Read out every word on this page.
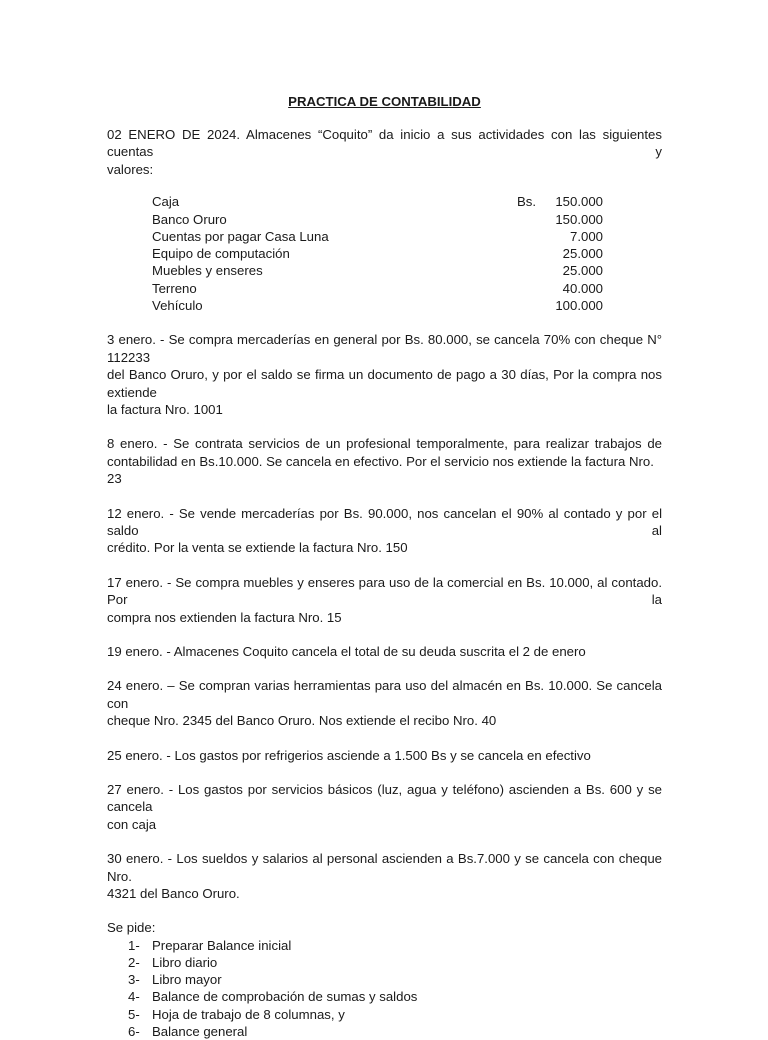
PRACTICA DE CONTABILIDAD

02 ENERO DE 2024. Almacenes “Coquito” da inicio a sus actividades con las siguientes cuentas y
valores:
Caja	Bs.	150.000
Banco Oruro	150.000
Cuentas por pagar Casa Luna	7.000
Equipo de computación	25.000
Muebles y enseres	25.000
Terreno	40.000
Vehículo	100.000
3 enero. - Se compra mercaderías en general por Bs. 80.000, se cancela 70% con cheque N° 112233
del Banco Oruro, y por el saldo se firma un documento de pago a 30 días, Por la compra nos extiende
la factura Nro. 1001
8 enero. - Se contrata servicios de un profesional temporalmente, para realizar trabajos de
contabilidad en Bs.10.000. Se cancela en efectivo. Por el servicio nos extiende la factura Nro. 23
12 enero. - Se vende mercaderías por Bs. 90.000, nos cancelan el 90% al contado y por el saldo al
crédito. Por la venta se extiende la factura Nro. 150
17 enero. - Se compra muebles y enseres para uso de la comercial en Bs. 10.000, al contado. Por la
compra nos extienden la factura Nro. 15
19 enero. - Almacenes Coquito cancela el total de su deuda suscrita el 2 de enero
24 enero. – Se compran varias herramientas para uso del almacén en Bs. 10.000. Se cancela con
cheque Nro. 2345 del Banco Oruro. Nos extiende el recibo Nro. 40
25 enero. - Los gastos por refrigerios asciende a 1.500 Bs y se cancela en efectivo
27 enero. - Los gastos por servicios básicos (luz, agua y teléfono) ascienden a Bs. 600 y se cancela
con caja
30 enero. - Los sueldos y salarios al personal ascienden a Bs.7.000 y se cancela con cheque Nro.
4321 del Banco Oruro.
Se pide:
1- Preparar Balance inicial
2- Libro diario
3- Libro mayor
4- Balance de comprobación de sumas y saldos
5- Hoja de trabajo de 8 columnas, y
6- Balance general
